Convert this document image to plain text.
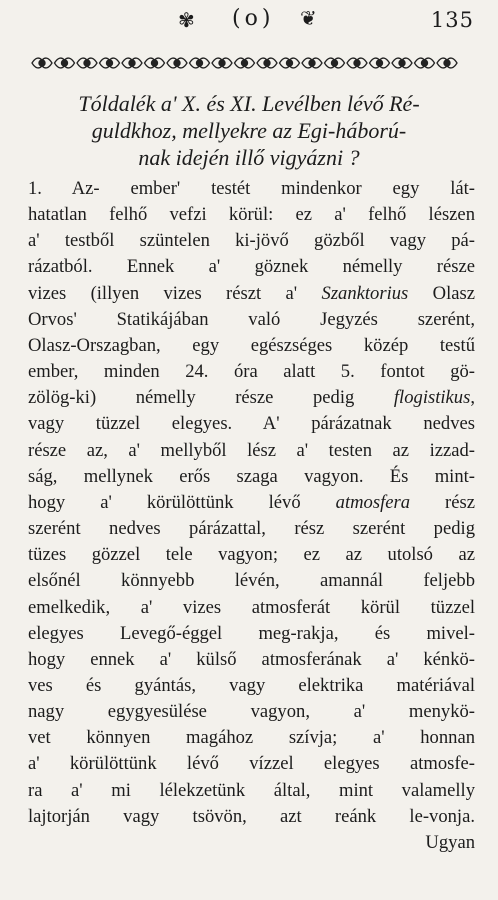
✾ (o) ❦	135
Tóldalék a' X. és XI. Levélben lévő Ré-
guldkhoz, mellyekre az Egi-háború-
nak idején illő vigyázni ?
1. Az- ember' testét mindenkor egy lát-
hatatlan felhő vefzi körül: ez a' felhő lészen
a' testből szüntelen ki-jövő gözből vagy pá-
rázatból. Ennek a' göznek némelly része
vizes (illyen vizes részt a' Szanktorius Olasz
Orvos' Statikájában való Jegyzés szerént,
Olasz-Orszagban, egy egészséges közép testű
ember, minden 24. óra alatt 5. fontot gö-
zölög-ki) némelly része pedig flogistikus,
vagy tüzzel elegyes. A' párázatnak nedves
része az, a' mellyből lész a' testen az izzad-
ság, mellynek erős szaga vagyon. És mint-
hogy a' körülöttünk lévő atmosfera rész
szerént nedves párázattal, rész szerént pedig
tüzes gözzel tele vagyon; ez az utolsó az
elsőnél könnyebb lévén, amannál feljebb
emelkedik, a' vizes atmosferát körül tüzzel
elegyes Levegő-éggel meg-rakja, és mivel-
hogy ennek a' külső atmosferának a' kénkö-
ves és gyántás, vagy elektrika matériával
nagy egygyesülése vagyon, a' menykö-
vet könnyen magához szívja; a' honnan
a' körülöttünk lévő vízzel elegyes atmosfe-
ra a' mi lélekzetünk által, mint valamelly
lajtorján vagy tsövön, azt reánk le-vonja.
Ugyan
